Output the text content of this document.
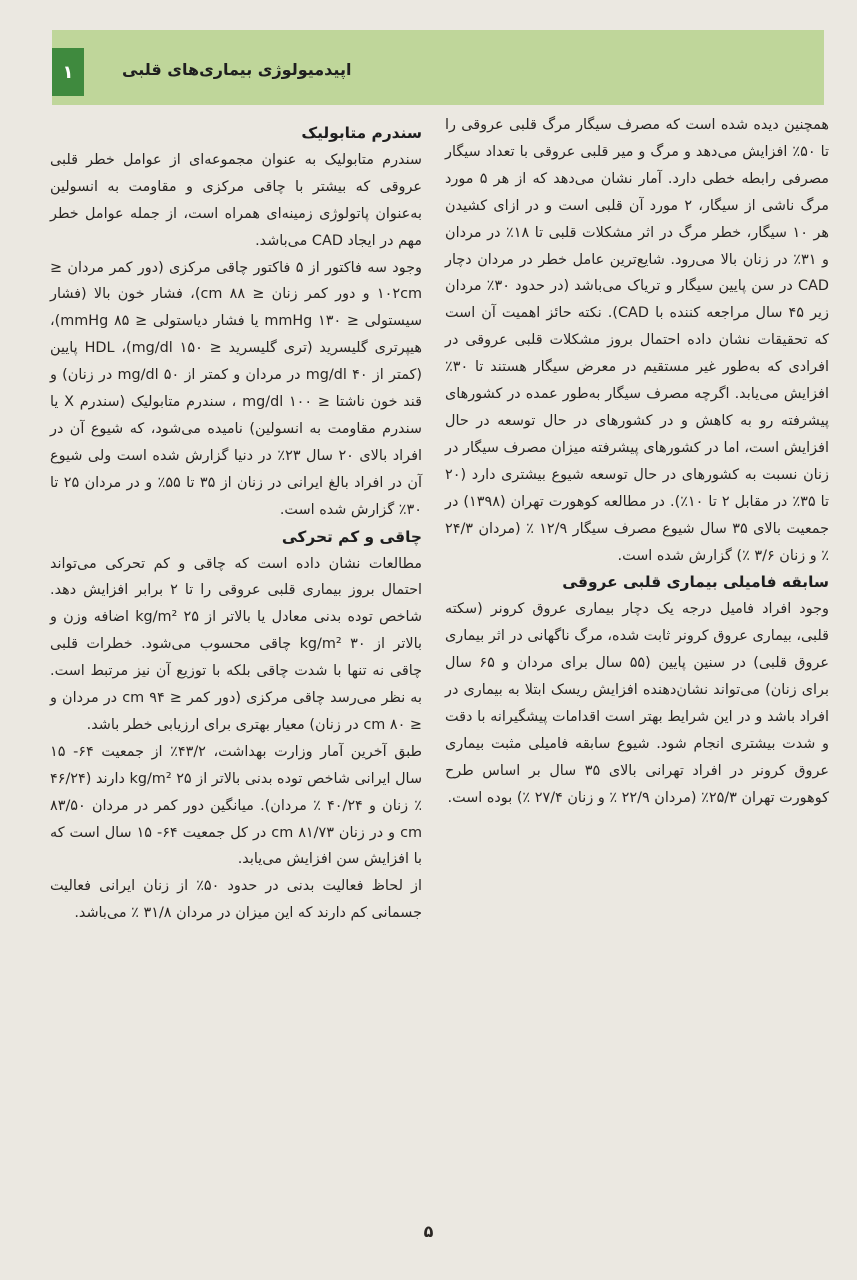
۱	اپیدمیولوژی بیماری‌های قلبی

همچنین دیده شده است که مصرف سیگار مرگ قلبی عروقی را تا ۵۰٪ افزایش می‌دهد و مرگ و میر قلبی عروقی با تعداد سیگار مصرفی رابطه خطی دارد. آمار نشان می‌دهد که از هر ۵ مورد مرگ ناشی از سیگار، ۲ مورد آن قلبی است و در ازای کشیدن هر ۱۰ سیگار، خطر مرگ در اثر مشکلات قلبی تا ۱۸٪ در مردان و ۳۱٪ در زنان بالا می‌رود. شایع‌ترین عامل خطر در مردان دچار CAD در سن پایین سیگار و تریاک می‌باشد (در حدود ۳۰٪ مردان زیر ۴۵ سال مراجعه کننده با CAD). نکته حائز اهمیت آن است که تحقیقات نشان داده احتمال بروز مشکلات قلبی عروقی در افرادی که به‌طور غیر مستقیم در معرض سیگار هستند تا ۳۰٪ افزایش می‌یابد. اگرچه مصرف سیگار به‌طور عمده در کشورهای پیشرفته رو به کاهش و در کشورهای در حال توسعه در حال افزایش است، اما در کشورهای پیشرفته میزان مصرف سیگار در زنان نسبت به کشورهای در حال توسعه شیوع بیشتری دارد (۲۰ تا ۳۵٪ در مقابل ۲ تا ۱۰٪). در مطالعه کوهورت تهران (۱۳۹۸) در جمعیت بالای ۳۵ سال شیوع مصرف سیگار ۱۲/۹ ٪ (مردان ۲۴/۳ ٪ و زنان ۳/۶ ٪) گزارش شده است.

سابقه فامیلی بیماری قلبی عروقی

وجود افراد فامیل درجه یک دچار بیماری عروق کرونر (سکته قلبی، بیماری عروق کرونر ثابت شده، مرگ ناگهانی در اثر بیماری عروق قلبی) در سنین پایین (۵۵ سال برای مردان و ۶۵ سال برای زنان) می‌تواند نشان‌دهنده افزایش ریسک ابتلا به بیماری در افراد باشد و در این شرایط بهتر است اقدامات پیشگیرانه با دقت و شدت بیشتری انجام شود. شیوع سابقه فامیلی مثبت بیماری عروق کرونر در افراد تهرانی بالای ۳۵ سال بر اساس طرح کوهورت تهران ۲۵/۳٪ (مردان ۲۲/۹ ٪ و زنان ۲۷/۴ ٪) بوده است.

سندرم متابولیک

سندرم متابولیک به عنوان مجموعه‌ای از عوامل خطر قلبی عروقی که بیشتر با چاقی مرکزی و مقاومت به انسولین به‌عنوان پاتولوژی زمینه‌ای همراه است، از جمله عوامل خطر مهم در ایجاد CAD می‌باشد.

وجود سه فاکتور از ۵ فاکتور چاقی مرکزی (دور کمر مردان ≤ ۱۰۲cm و دور کمر زنان ≤ ۸۸ cm)، فشار خون بالا (فشار سیستولی ≤ ۱۳۰ mmHg یا فشار دیاستولی ≤ ۸۵ mmHg)، هیپرتری گلیسرید (تری گلیسرید ≤ ۱۵۰ mg/dl)، HDL پایین (کمتر از ۴۰ mg/dl در مردان و کمتر از ۵۰ mg/dl در زنان) و قند خون ناشتا ≤ ۱۰۰ mg/dl ، سندرم متابولیک (سندرم X یا سندرم مقاومت به انسولین) نامیده می‌شود، که شیوع آن در افراد بالای ۲۰ سال ۲۳٪ در دنیا گزارش شده است ولی شیوع آن در افراد بالغ ایرانی در زنان از ۳۵ تا ۵۵٪ و در مردان ۲۵ تا ۳۰٪ گزارش شده است.

چاقی و کم تحرکی

مطالعات نشان داده است که چاقی و کم تحرکی می‌تواند احتمال بروز بیماری قلبی عروقی را تا ۲ برابر افزایش دهد. شاخص توده بدنی معادل یا بالاتر از ۲۵ kg/m² اضافه وزن و بالاتر از ۳۰ kg/m² چاقی محسوب می‌شود. خطرات قلبی چاقی نه تنها با شدت چاقی بلکه با توزیع آن نیز مرتبط است. به نظر می‌رسد چاقی مرکزی (دور کمر ≤ ۹۴ cm در مردان و ≤ ۸۰ cm در زنان) معیار بهتری برای ارزیابی خطر باشد.

طبق آخرین آمار وزارت بهداشت، ۴۳/۲٪ از جمعیت ۶۴- ۱۵ سال ایرانی شاخص توده بدنی بالاتر از ۲۵ kg/m² دارند (۴۶/۲۴ ٪ زنان و ۴۰/۲۴ ٪ مردان). میانگین دور کمر در مردان ۸۳/۵۰ cm و در زنان ۸۱/۷۳ cm در کل جمعیت ۶۴- ۱۵ سال است که با افزایش سن افزایش می‌یابد.

از لحاظ فعالیت بدنی در حدود ۵۰٪ از زنان ایرانی فعالیت جسمانی کم دارند که این میزان در مردان ۳۱/۸ ٪ می‌باشد.

۵
